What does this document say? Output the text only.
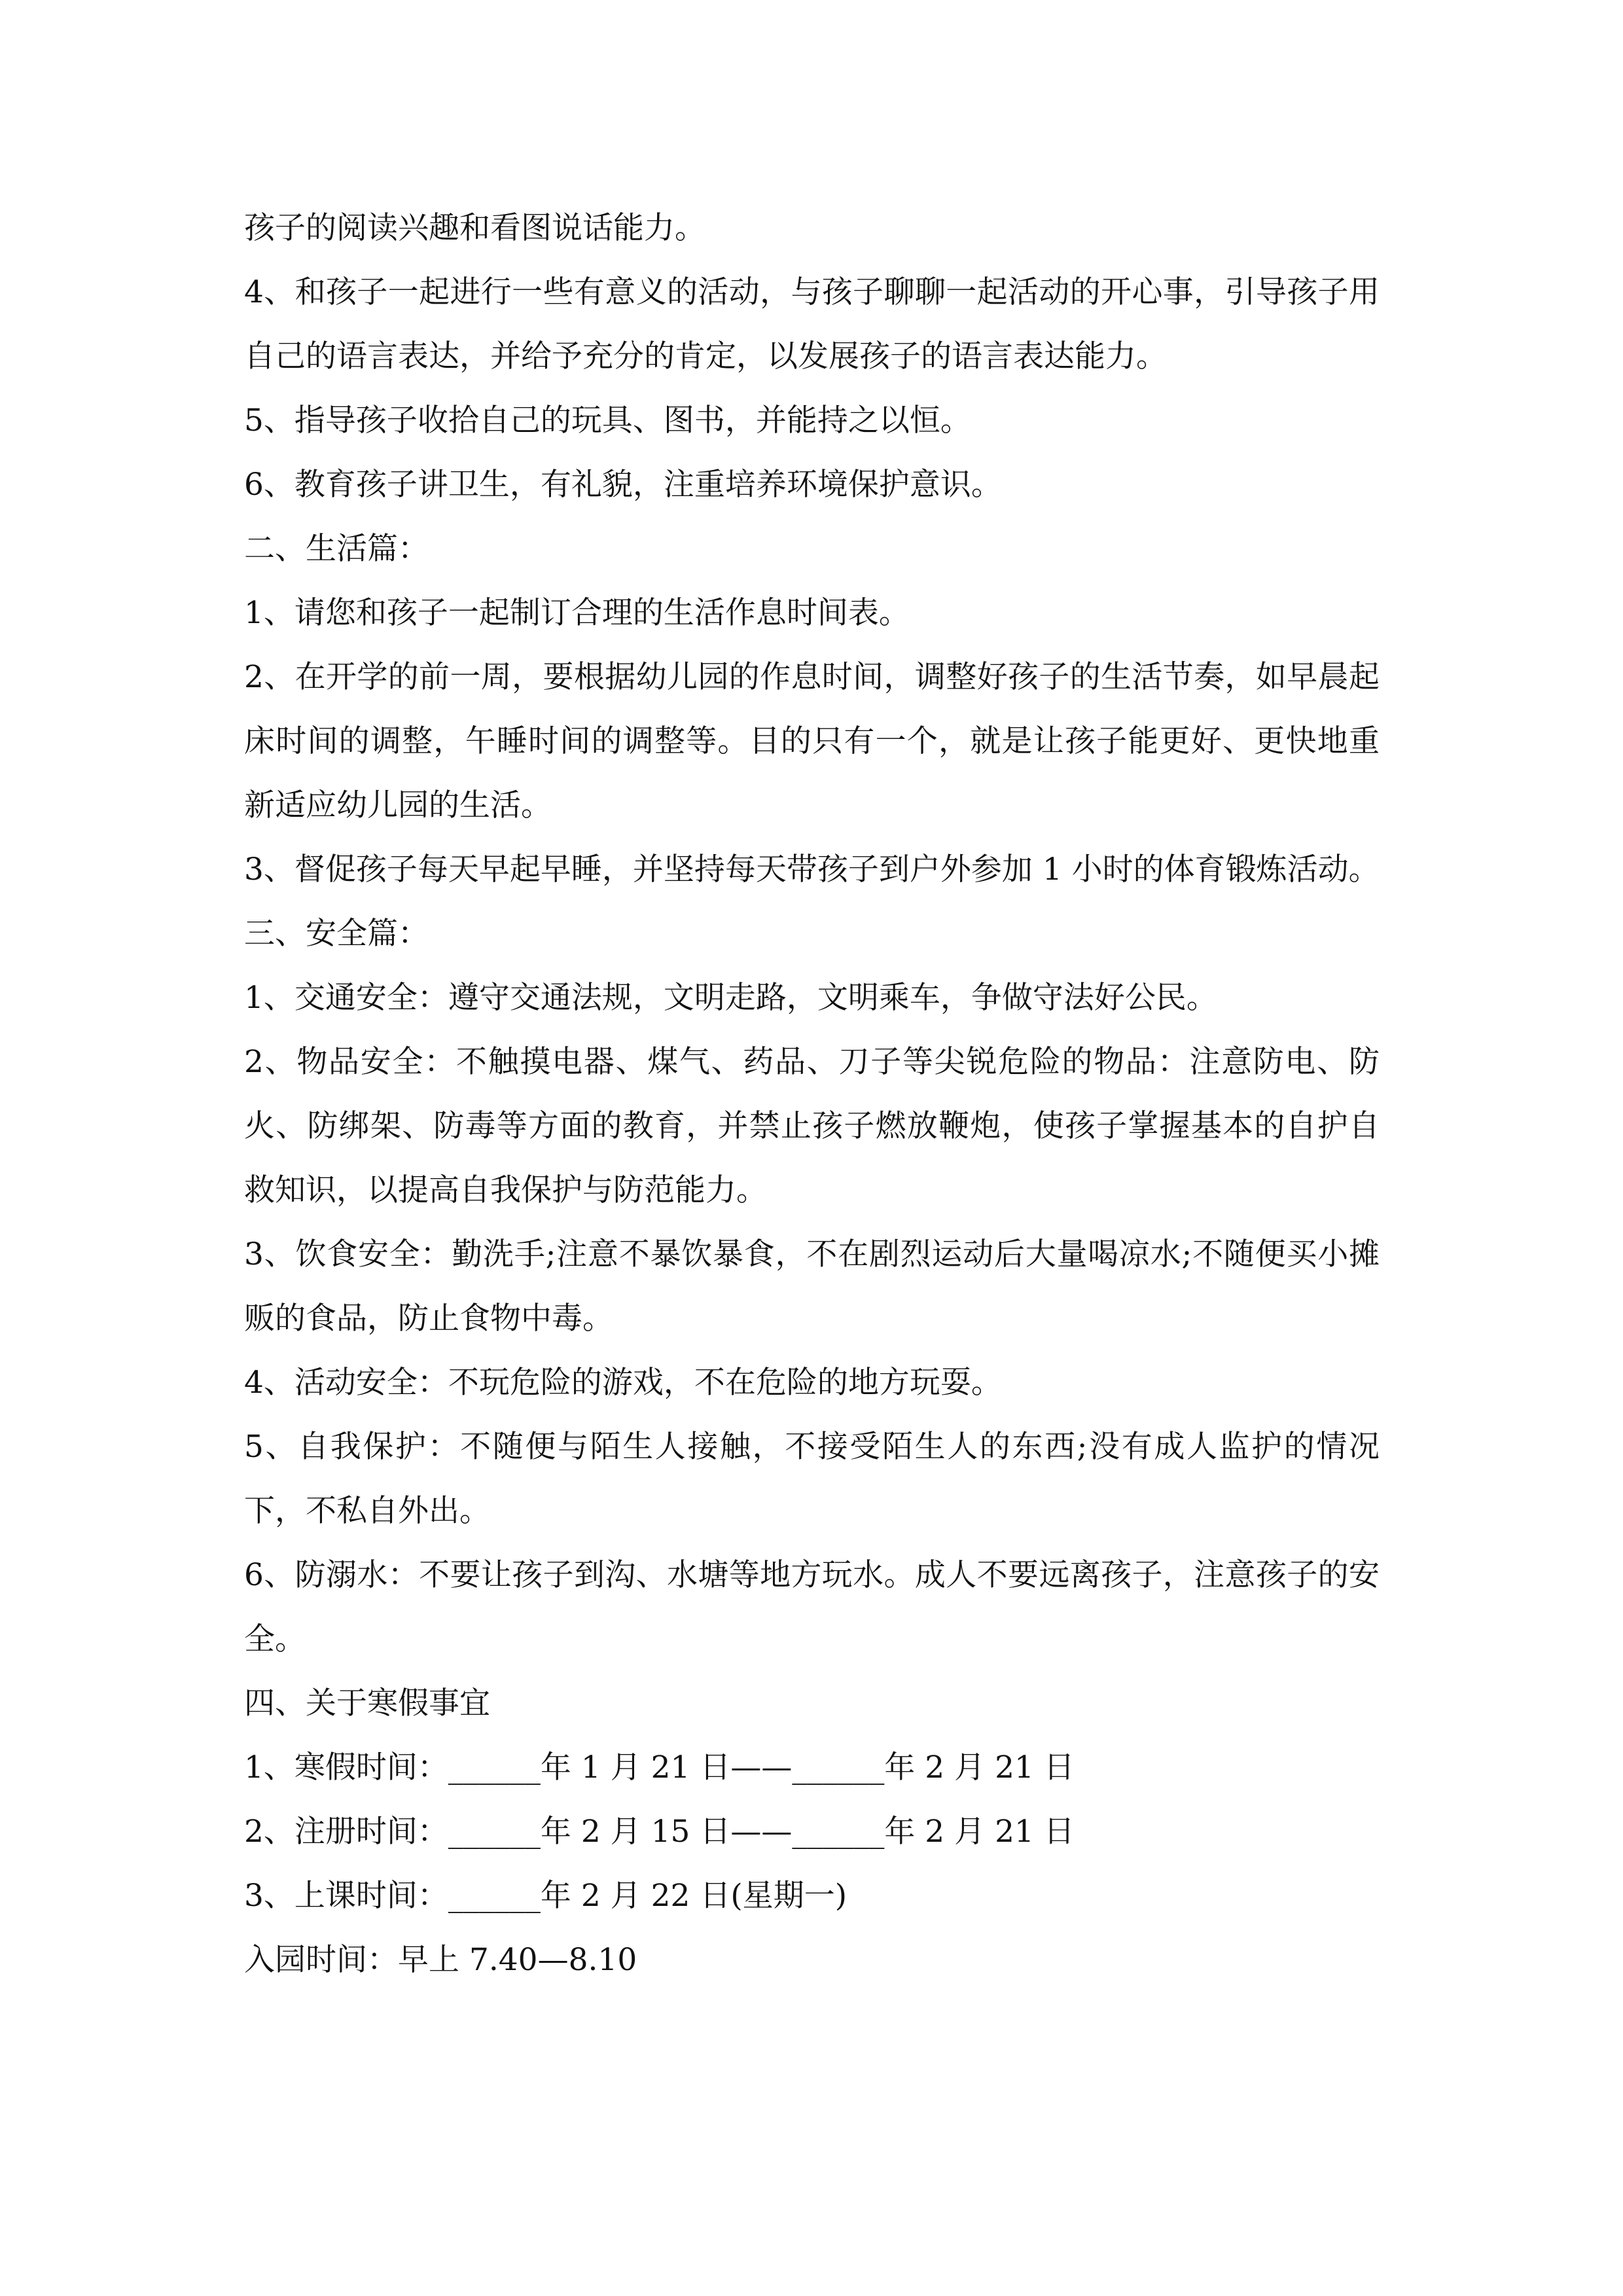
孩子的阅读兴趣和看图说话能力。

4、和孩子一起进行一些有意义的活动，与孩子聊聊一起活动的开心事，引导孩子用自己的语言表达，并给予充分的肯定，以发展孩子的语言表达能力。

5、指导孩子收拾自己的玩具、图书，并能持之以恒。

6、教育孩子讲卫生，有礼貌，注重培养环境保护意识。

二、生活篇：

1、请您和孩子一起制订合理的生活作息时间表。

2、在开学的前一周，要根据幼儿园的作息时间，调整好孩子的生活节奏，如早晨起床时间的调整，午睡时间的调整等。目的只有一个，就是让孩子能更好、更快地重新适应幼儿园的生活。

3、督促孩子每天早起早睡，并坚持每天带孩子到户外参加 1 小时的体育锻炼活动。

三、安全篇：

1、交通安全：遵守交通法规，文明走路，文明乘车，争做守法好公民。

2、物品安全：不触摸电器、煤气、药品、刀子等尖锐危险的物品：注意防电、防火、防绑架、防毒等方面的教育，并禁止孩子燃放鞭炮，使孩子掌握基本的自护自救知识，以提高自我保护与防范能力。

3、饮食安全：勤洗手;注意不暴饮暴食，不在剧烈运动后大量喝凉水;不随便买小摊贩的食品，防止食物中毒。

4、活动安全：不玩危险的游戏，不在危险的地方玩耍。

5、自我保护：不随便与陌生人接触，不接受陌生人的东西;没有成人监护的情况下，不私自外出。

6、防溺水：不要让孩子到沟、水塘等地方玩水。成人不要远离孩子，注意孩子的安全。

四、关于寒假事宜

1、寒假时间：______年 1 月 21 日——______年 2 月 21 日

2、注册时间：______年 2 月 15 日——______年 2 月 21 日

3、上课时间：______年 2 月 22 日(星期一)

入园时间：早上 7.40—8.10
